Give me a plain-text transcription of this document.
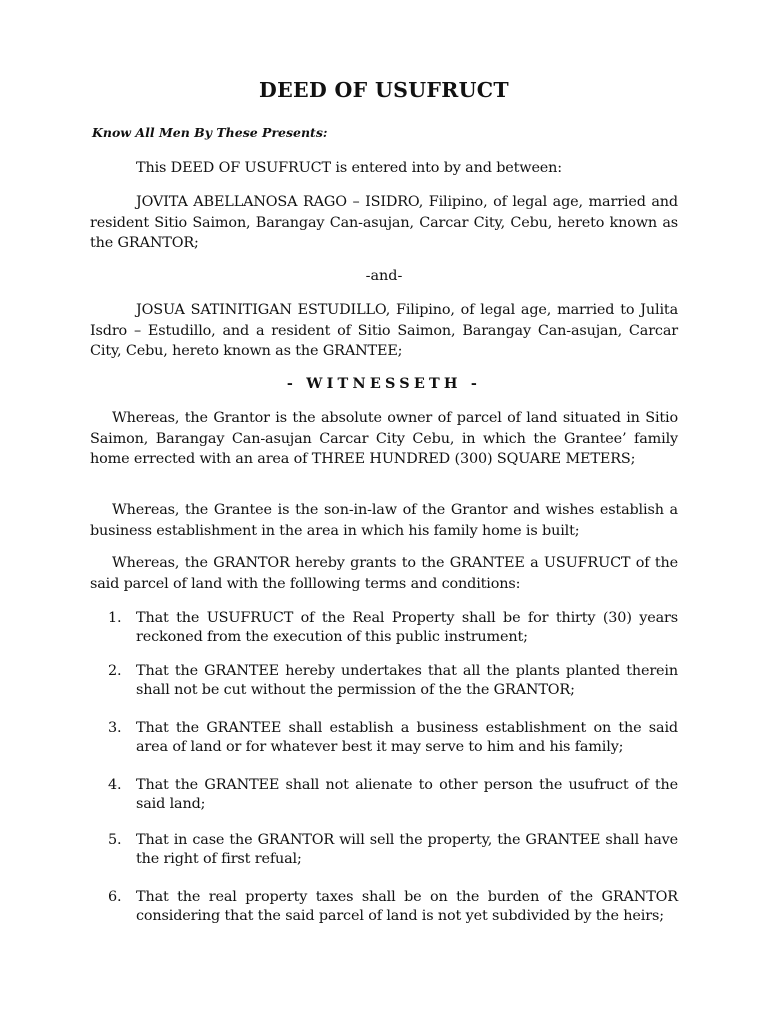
DEED OF USUFRUCT
Know All Men By These Presents:
This DEED OF USUFRUCT is entered into by and between:
JOVITA ABELLANOSA RAGO – ISIDRO, Filipino, of legal age, married and resident Sitio Saimon, Barangay Can-asujan, Carcar City, Cebu, hereto known as the GRANTOR;
-and-
JOSUA SATINITIGAN ESTUDILLO, Filipino, of legal age, married to Julita Isdro – Estudillo, and a resident of Sitio Saimon, Barangay Can-asujan, Carcar City, Cebu, hereto known as the GRANTEE;
- WITNESSETH -
Whereas, the Grantor is the absolute owner of parcel of land situated in Sitio Saimon, Barangay Can-asujan Carcar City Cebu, in which the Grantee’ family home errected with an area of THREE HUNDRED (300) SQUARE METERS;
Whereas, the Grantee is the son-in-law of the Grantor and wishes establish a business establishment in the area in which his family home is built;
Whereas, the GRANTOR hereby grants to the GRANTEE a USUFRUCT of the said parcel of land with the folllowing terms and conditions:
1.	That the USUFRUCT of the Real Property shall be for thirty (30) years reckoned from the execution of this public instrument;
2.	That the GRANTEE hereby undertakes that all the plants planted therein shall not be cut without the permission of the the GRANTOR;
3.	That the GRANTEE shall establish a business establishment on the said area of land or for whatever best it may serve to him and his family;
4.	That the GRANTEE shall not alienate to other person the usufruct of the said land;
5.	That in case the GRANTOR will sell the property, the GRANTEE shall have the right of first refual;
6.	That the real property taxes shall be on the burden of the GRANTOR considering that the said parcel of land is not yet subdivided by the heirs;
